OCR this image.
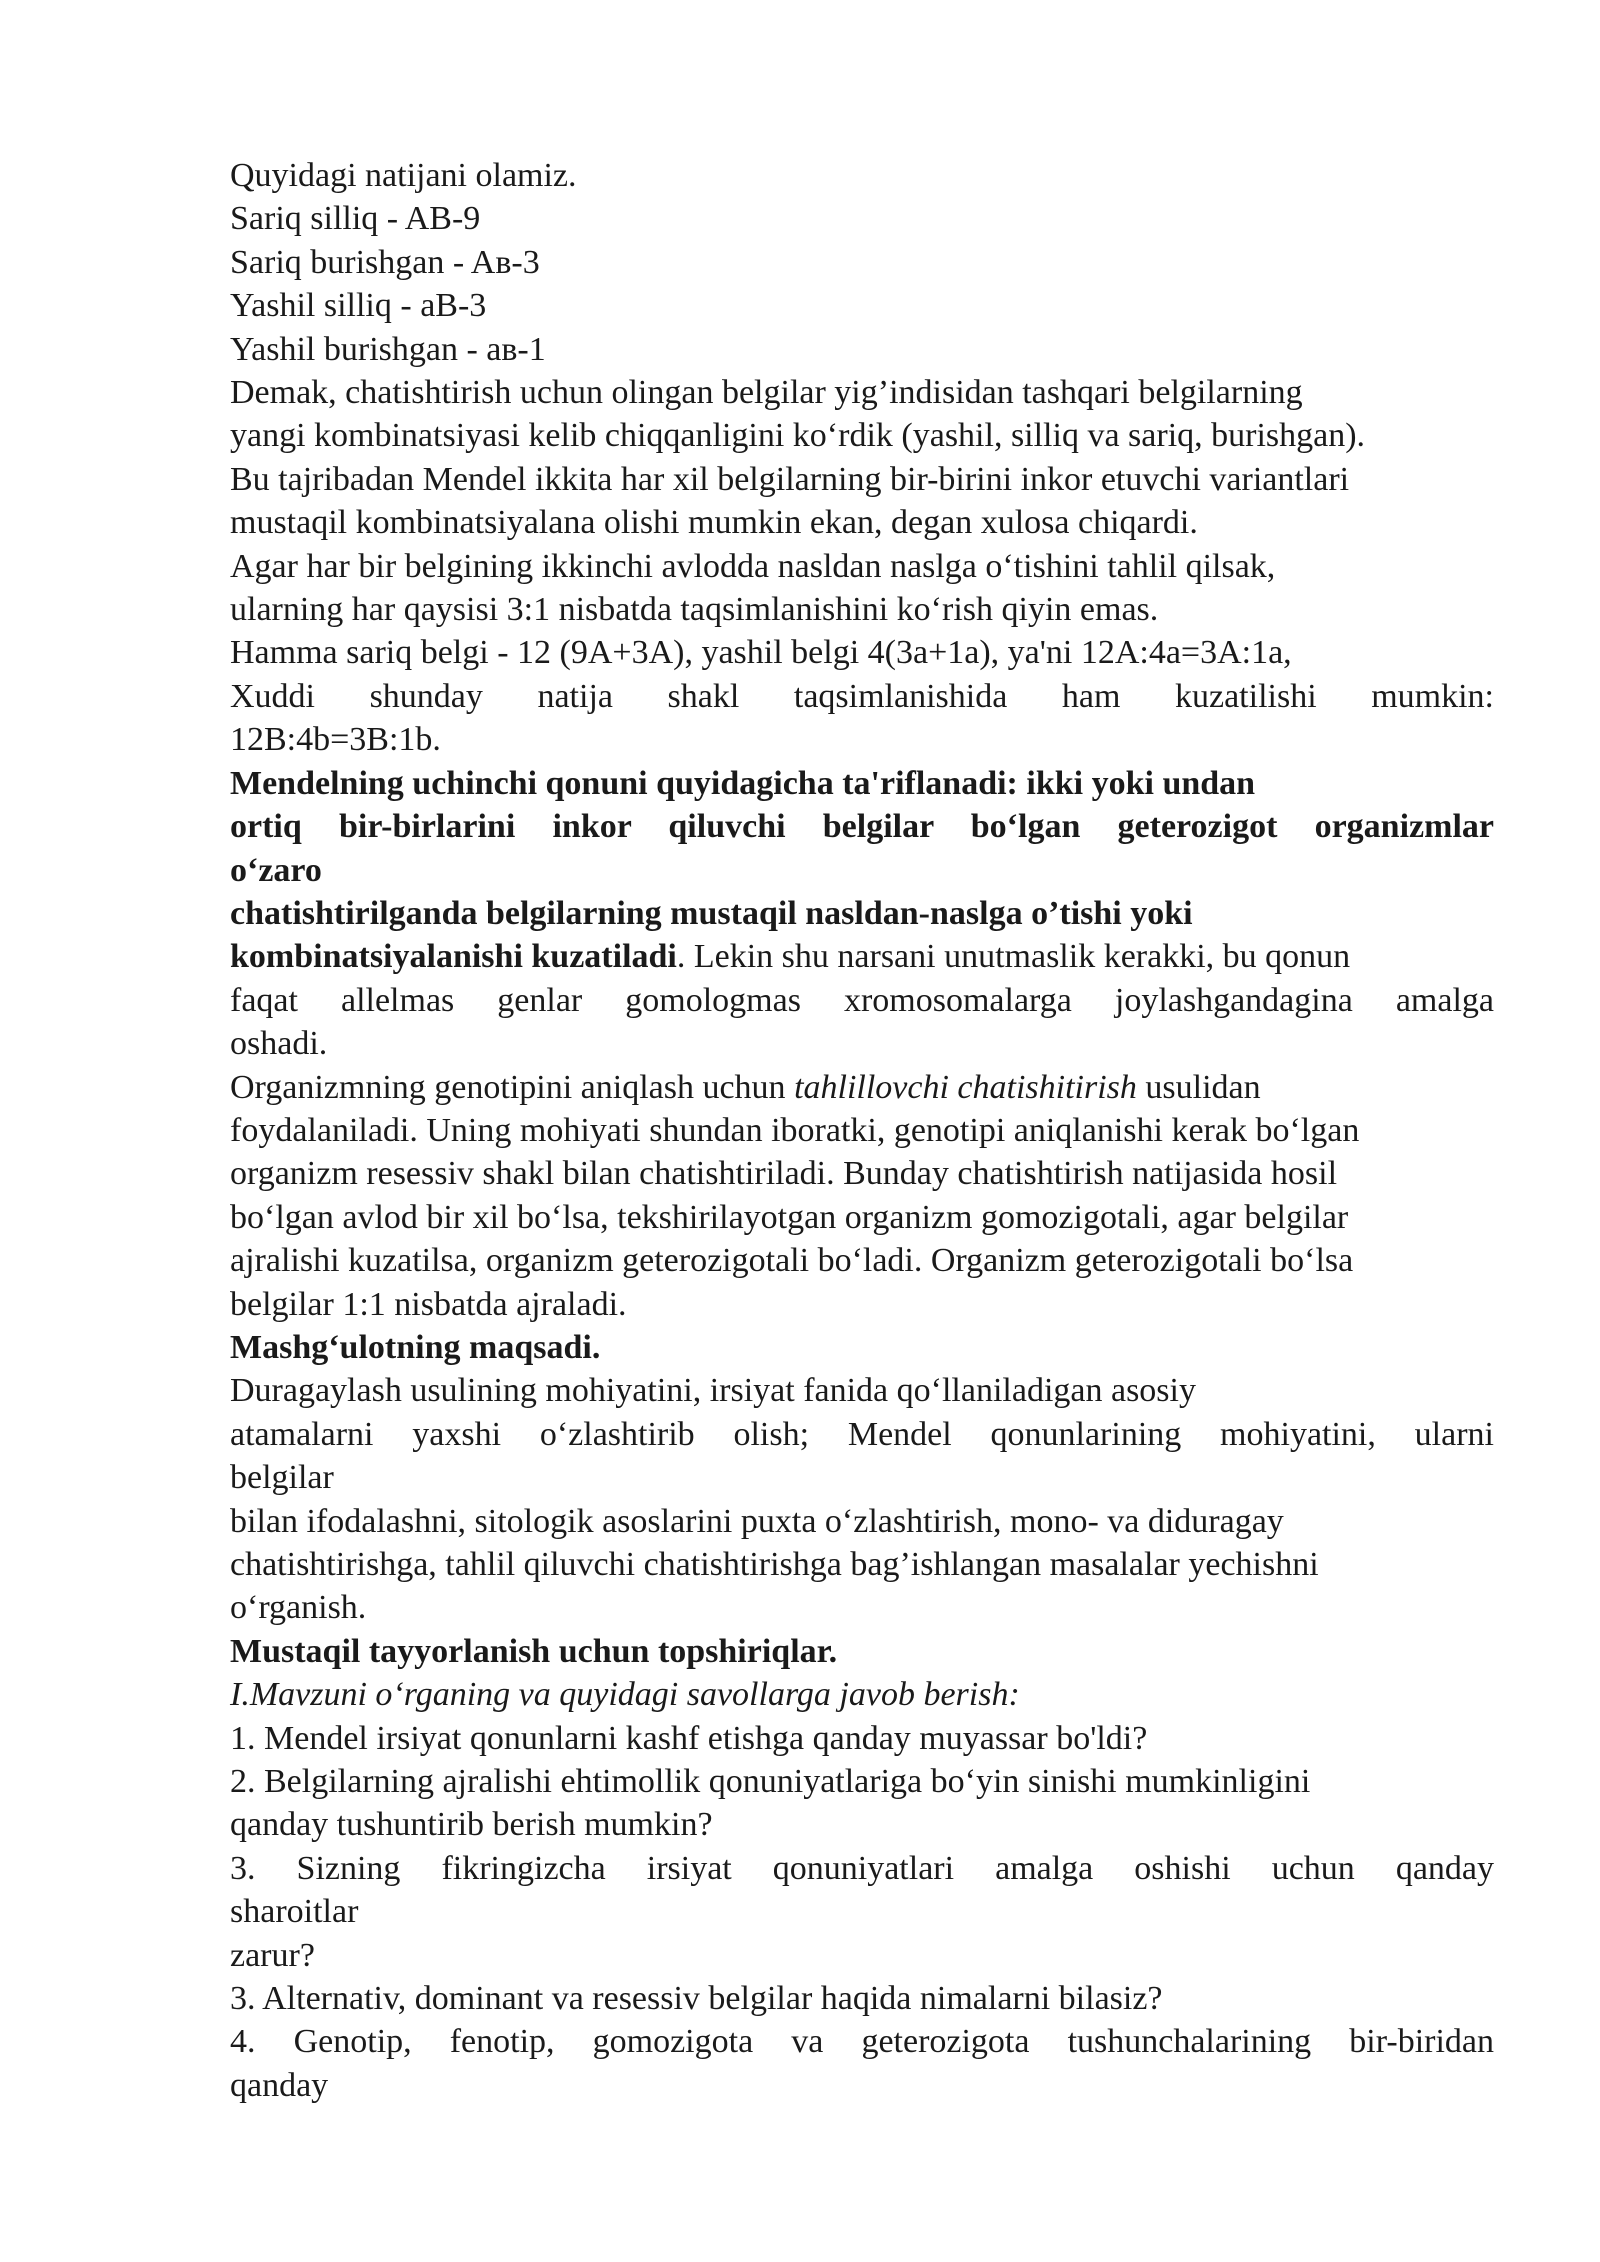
Quyidagi natijani olamiz.
Sariq silliq - AB-9
Sariq burishgan - Aв-3
Yashil silliq - aB-3
Yashil burishgan - aв-1
Demak, chatishtirish uchun olingan belgilar yig’indisidan tashqari belgilarning
yangi kombinatsiyasi kelib chiqqanligini koʻrdik (yashil, silliq va sariq, burishgan).
Bu tajribadan Mendel ikkita har xil belgilarning bir-birini inkor etuvchi variantlari
mustaqil kombinatsiyalana olishi mumkin ekan, degan xulosa chiqardi.
Agar har bir belgining ikkinchi avlodda nasldan naslga oʻtishini tahlil qilsak,
ularning har qaysisi 3:1 nisbatda taqsimlanishini koʻrish qiyin emas.
Hamma sariq belgi - 12 (9A+3A), yashil belgi 4(3a+1a), ya'ni 12A:4a=3A:1a,
Xuddi shunday natija shakl taqsimlanishida ham kuzatilishi mumkin:
12B:4b=3B:1b.
Mendelning uchinchi qonuni quyidagicha ta'riflanadi: ikki yoki undan
ortiq bir-birlarini inkor qiluvchi belgilar boʻlgan geterozigot organizmlar
oʻzaro
chatishtirilganda belgilarning mustaqil nasldan-naslga o’tishi yoki
kombinatsiyalanishi kuzatiladi. Lekin shu narsani unutmaslik kerakki, bu qonun
faqat allelmas genlar gomologmas xromosomalarga joylashgandagina amalga
oshadi.
Organizmning genotipini aniqlash uchun tahlillovchi chatishitirish usulidan
foydalaniladi. Uning mohiyati shundan iboratki, genotipi aniqlanishi kerak boʻlgan
organizm resessiv shakl bilan chatishtiriladi. Bunday chatishtirish natijasida hosil
boʻlgan avlod bir xil boʻlsa, tekshirilayotgan organizm gomozigotali, agar belgilar
ajralishi kuzatilsa, organizm geterozigotali boʻladi. Organizm geterozigotali boʻlsa
belgilar 1:1 nisbatda ajraladi.
Mashgʻulotning maqsadi.
Duragaylash usulining mohiyatini, irsiyat fanida qoʻllaniladigan asosiy
atamalarni yaxshi oʻzlashtirib olish; Mendel qonunlarining mohiyatini, ularni
belgilar
bilan ifodalashni, sitologik asoslarini puxta oʻzlashtirish, mono- va diduragay
chatishtirishga, tahlil qiluvchi chatishtirishga bag’ishlangan masalalar yechishni
oʻrganish.
Mustaqil tayyorlanish uchun topshiriqlar.
I.Mavzuni oʻrganing va quyidagi savollarga javob berish:
1. Mendel irsiyat qonunlarni kashf etishga qanday muyassar bo'ldi?
2. Belgilarning ajralishi ehtimollik qonuniyatlariga boʻyin sinishi mumkinligini
qanday tushuntirib berish mumkin?
3. Sizning fikringizcha irsiyat qonuniyatlari amalga oshishi uchun qanday
sharoitlar
zarur?
3. Alternativ, dominant va resessiv belgilar haqida nimalarni bilasiz?
4. Genotip, fenotip, gomozigota va geterozigota tushunchalarining bir-biridan
qanday
